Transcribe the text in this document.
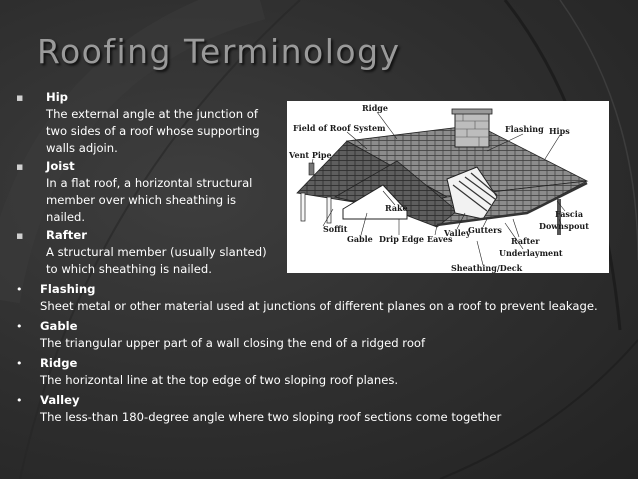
Roofing Terminology
▪ Hip
The external angle at the junction of two sides of a roof whose supporting walls adjoin.
▪ Joist
In a flat roof, a horizontal structural member over which sheathing is nailed.
▪ Rafter
A structural member (usually slanted) to which sheathing is nailed.
Ridge
Field of Roof System	Flashing Hips
Vent Pipe
Rake
Soffit
Gable Drip Edge Eaves
Valley
Gutters
Fascia
Downspout
Rafter
Underlayment
Sheathing/Deck
• Flashing
Sheet metal or other material used at junctions of different planes on a roof to prevent leakage.
• Gable
The triangular upper part of a wall closing the end of a ridged roof
• Ridge
The horizontal line at the top edge of two sloping roof planes.
• Valley
The less-than 180-degree angle where two sloping roof sections come together
